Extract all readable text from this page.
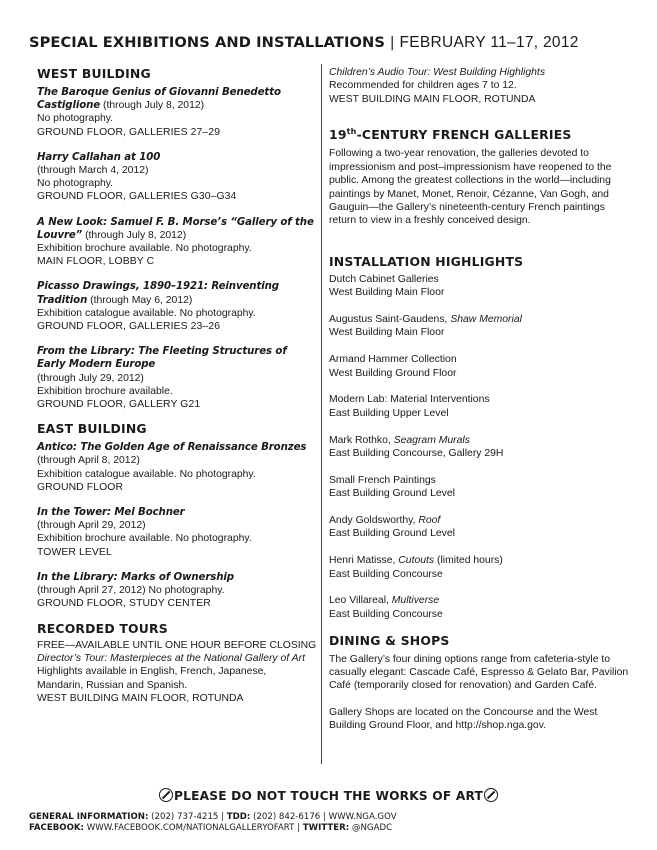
SPECIAL EXHIBITIONS AND INSTALLATIONS | FEBRUARY 11–17, 2012
WEST BUILDING
The Baroque Genius of Giovanni Benedetto Castiglione (through July 8, 2012)
No photography.
GROUND FLOOR, GALLERIES 27–29
Harry Callahan at 100
(through March 4, 2012)
No photography.
GROUND FLOOR, GALLERIES G30–G34
A New Look: Samuel F. B. Morse’s “Gallery of the Louvre” (through July 8, 2012)
Exhibition brochure available. No photography.
MAIN FLOOR, LOBBY C
Picasso Drawings, 1890–1921: Reinventing Tradition (through May 6, 2012)
Exhibition catalogue available. No photography.
GROUND FLOOR, GALLERIES 23–26
From the Library: The Fleeting Structures of Early Modern Europe
(through July 29, 2012)
Exhibition brochure available.
GROUND FLOOR, GALLERY G21
EAST BUILDING
Antico: The Golden Age of Renaissance Bronzes
(through April 8, 2012)
Exhibition catalogue available. No photography.
GROUND FLOOR
In the Tower: Mel Bochner
(through April 29, 2012)
Exhibition brochure available. No photography.
TOWER LEVEL
In the Library: Marks of Ownership
(through April 27, 2012) No photography.
GROUND FLOOR, STUDY CENTER
RECORDED TOURS
FREE—AVAILABLE UNTIL ONE HOUR BEFORE CLOSING
Director’s Tour: Masterpieces at the National Gallery of Art
Highlights available in English, French, Japanese, Mandarin, Russian and Spanish.
WEST BUILDING MAIN FLOOR, ROTUNDA
Children’s Audio Tour: West Building Highlights
Recommended for children ages 7 to 12.
WEST BUILDING MAIN FLOOR, ROTUNDA
19th-CENTURY FRENCH GALLERIES
Following a two-year renovation, the galleries devoted to impressionism and post–impressionism have reopened to the public. Among the greatest collections in the world—including paintings by Manet, Monet, Renoir, Cézanne, Van Gogh, and Gauguin—the Gallery’s nineteenth-century French paintings return to view in a freshly conceived design.
INSTALLATION HIGHLIGHTS
Dutch Cabinet Galleries
West Building Main Floor
Augustus Saint-Gaudens, Shaw Memorial
West Building Main Floor
Armand Hammer Collection
West Building Ground Floor
Modern Lab: Material Interventions
East Building Upper Level
Mark Rothko, Seagram Murals
East Building Concourse, Gallery 29H
Small French Paintings
East Building Ground Level
Andy Goldsworthy, Roof
East Building Ground Level
Henri Matisse, Cutouts (limited hours)
East Building Concourse
Leo Villareal, Multiverse
East Building Concourse
DINING & SHOPS
The Gallery’s four dining options range from cafeteria-style to casually elegant: Cascade Café, Espresso & Gelato Bar, Pavilion Café (temporarily closed for renovation) and Garden Café.
Gallery Shops are located on the Concourse and the West Building Ground Floor, and http://shop.nga.gov.
PLEASE DO NOT TOUCH THE WORKS OF ART
GENERAL INFORMATION: (202) 737-4215 | TDD: (202) 842-6176 | WWW.NGA.GOV
FACEBOOK: WWW.FACEBOOK.COM/NATIONALGALLERYOFART | TWITTER: @NGADC
